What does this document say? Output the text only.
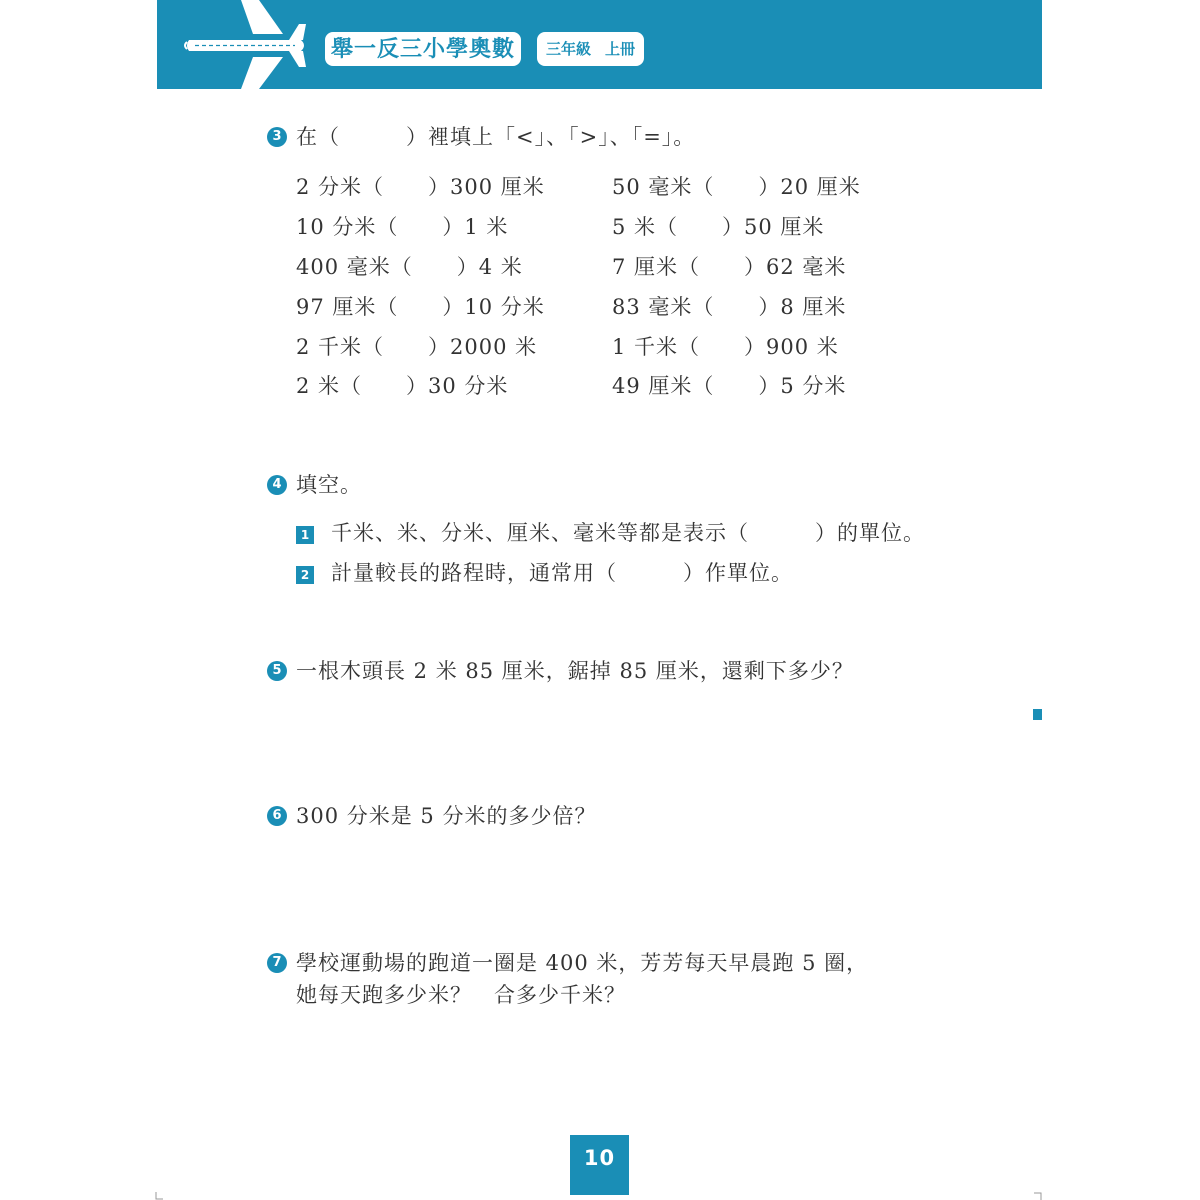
舉一反三小學奧數	三年級 上冊
3 在（　　　）裡填上「<」、「>」、「=」。
2 分米（　　）300 厘米	50 毫米（　　）20 厘米
10 分米（　　）1 米	5 米（　　）50 厘米
400 毫米（　　）4 米	7 厘米（　　）62 毫米
97 厘米（　　）10 分米	83 毫米（　　）8 厘米
2 千米（　　）2000 米	1 千米（　　）900 米
2 米（　　）30 分米	49 厘米（　　）5 分米
4 填空。
1 千米、米、分米、厘米、毫米等都是表示（　　　）的單位。
2 計量較長的路程時，通常用（　　　）作單位。
5 一根木頭長 2 米 85 厘米，鋸掉 85 厘米，還剩下多少？
6 300 分米是 5 分米的多少倍？
7 學校運動場的跑道一圈是 400 米，芳芳每天早晨跑 5 圈，
她每天跑多少米？　合多少千米？
10
